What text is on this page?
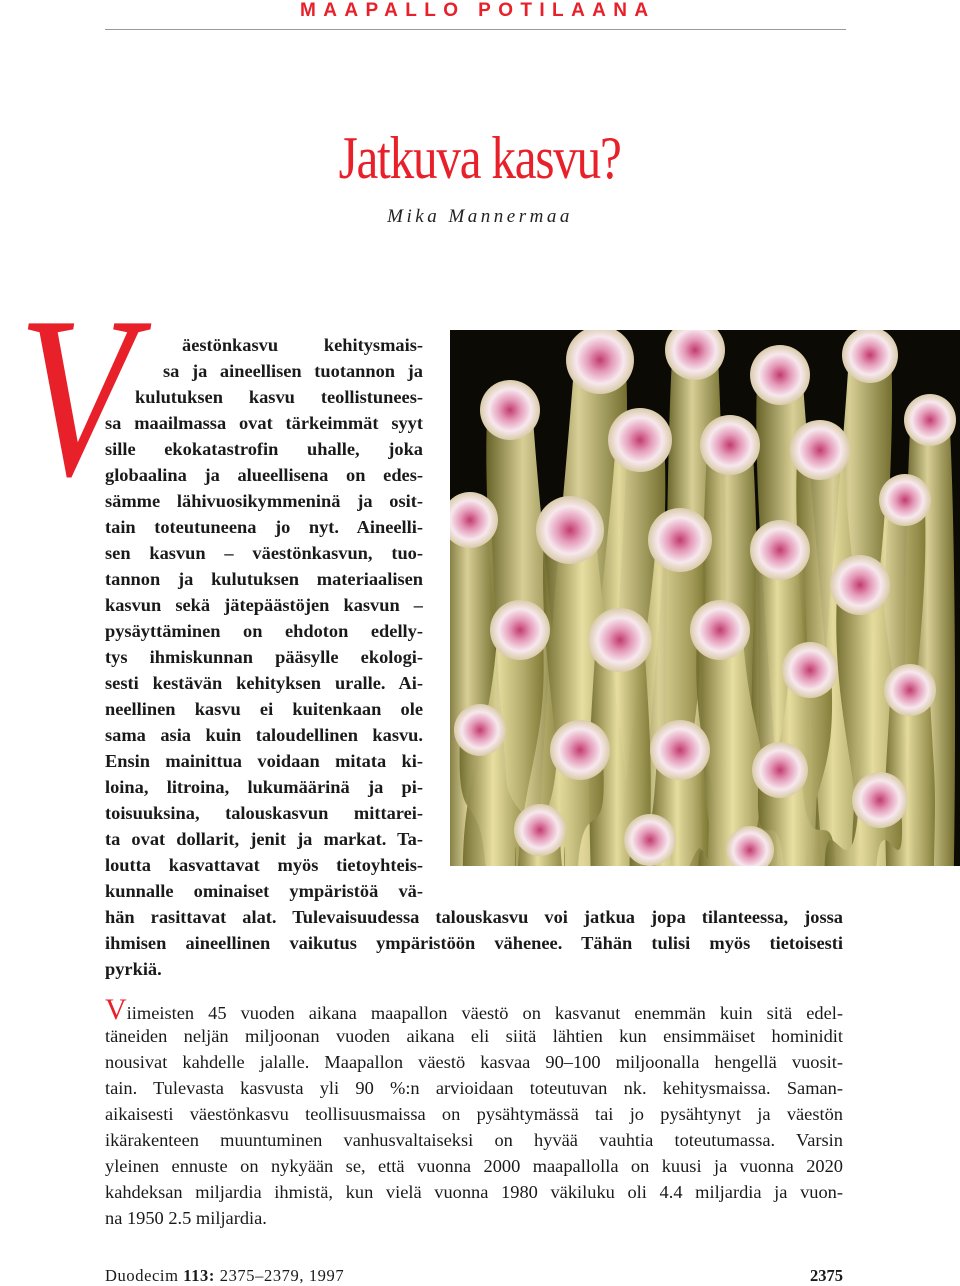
MAAPALLO POTILAANA
Jatkuva kasvu?
Mika Mannermaa
V	äestönkasvu kehitysmais-
sa ja aineellisen tuotannon ja
kulutuksen kasvu teollistunees-
sa maailmassa ovat tärkeimmät syyt
sille ekokatastrofin uhalle, joka
globaalina ja alueellisena on edes-
sämme lähivuosikymmeninä ja osit-
tain toteutuneena jo nyt. Aineelli-
sen kasvun – väestönkasvun, tuo-
tannon ja kulutuksen materiaalisen
kasvun sekä jätepäästöjen kasvun –
pysäyttäminen on ehdoton edelly-
tys ihmiskunnan pääsylle ekologi-
sesti kestävän kehityksen uralle. Ai-
neellinen kasvu ei kuitenkaan ole
sama asia kuin taloudellinen kasvu.
Ensin mainittua voidaan mitata ki-
loina, litroina, lukumäärinä ja pi-
toisuuksina, talouskasvun mittarei-
ta ovat dollarit, jenit ja markat. Ta-
loutta kasvattavat myös tietoyhteis-
kunnalle ominaiset ympäristöä vä-
hän rasittavat alat. Tulevaisuudessa talouskasvu voi jatkua jopa tilanteessa, jossa
ihmisen aineellinen vaikutus ympäristöön vähenee. Tähän tulisi myös tietoisesti
pyrkiä.
Viimeisten 45 vuoden aikana maapallon väestö on kasvanut enemmän kuin sitä edel-
täneiden neljän miljoonan vuoden aikana eli siitä lähtien kun ensimmäiset hominidit
nousivat kahdelle jalalle. Maapallon väestö kasvaa 90–100 miljoonalla hengellä vuosit-
tain. Tulevasta kasvusta yli 90 %:n arvioidaan toteutuvan nk. kehitysmaissa. Saman-
aikaisesti väestönkasvu teollisuusmaissa on pysähtymässä tai jo pysähtynyt ja väestön
ikärakenteen muuntuminen vanhusvaltaiseksi on hyvää vauhtia toteutumassa. Varsin
yleinen ennuste on nykyään se, että vuonna 2000 maapallolla on kuusi ja vuonna 2020
kahdeksan miljardia ihmistä, kun vielä vuonna 1980 väkiluku oli 4.4 miljardia ja vuon-
na 1950 2.5 miljardia.
Duodecim 113: 2375–2379, 1997	2375
